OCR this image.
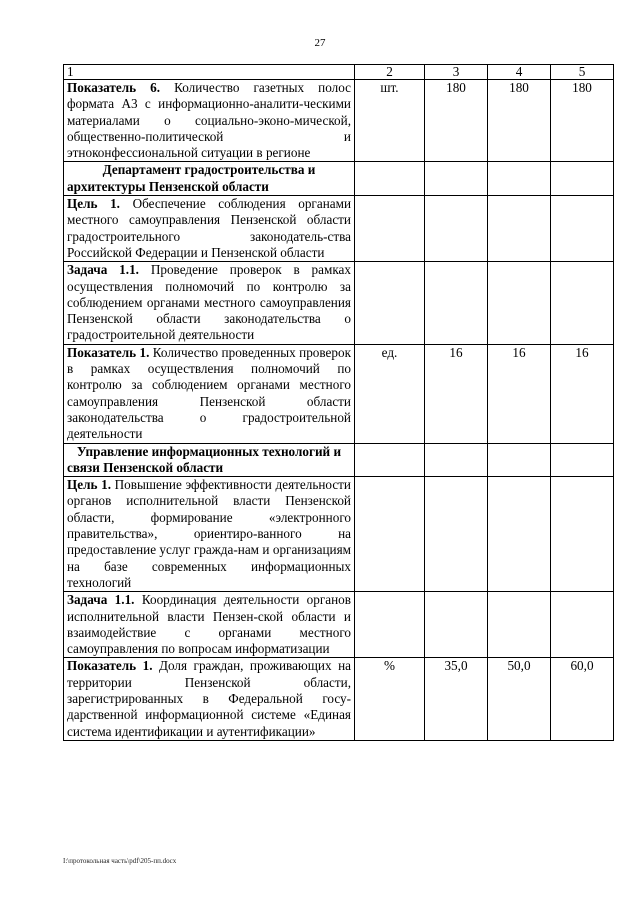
27
1	2	3	4	5
Показатель 6. Количество газетных полос формата А3 с информационно-аналити-ческими материалами о социально-эконо-мической, общественно-политической и этноконфессиональной ситуации в регионе	шт.	180	180	180
Департамент градостроительства и архитектуры Пензенской области				
Цель 1. Обеспечение соблюдения органами местного самоуправления Пензенской области градостроительного законодатель-ства Российской Федерации и Пензенской области				
Задача 1.1. Проведение проверок в рамках осуществления полномочий по контролю за соблюдением органами местного самоуправления Пензенской области законодательства о градостроительной деятельности				
Показатель 1. Количество проведенных проверок в рамках осуществления полномочий по контролю за соблюдением органами местного самоуправления Пензенской области законодательства о градостроительной деятельности	ед.	16	16	16
Управление информационных технологий и связи Пензенской области				
Цель 1. Повышение эффективности деятельности органов исполнительной власти Пензенской области, формирование «электронного правительства», ориентиро-ванного на предоставление услуг гражда-нам и организациям на базе современных информационных технологий				
Задача 1.1. Координация деятельности органов исполнительной власти Пензен-ской области и взаимодействие с органами местного самоуправления по вопросам информатизации				
Показатель 1. Доля граждан, проживающих на территории Пензенской области, зарегистрированных в Федеральной госу-дарственной информационной системе «Единая система идентификации и аутентификации»	%	35,0	50,0	60,0
I:\протокольная часть\pdf\205-пп.docx
